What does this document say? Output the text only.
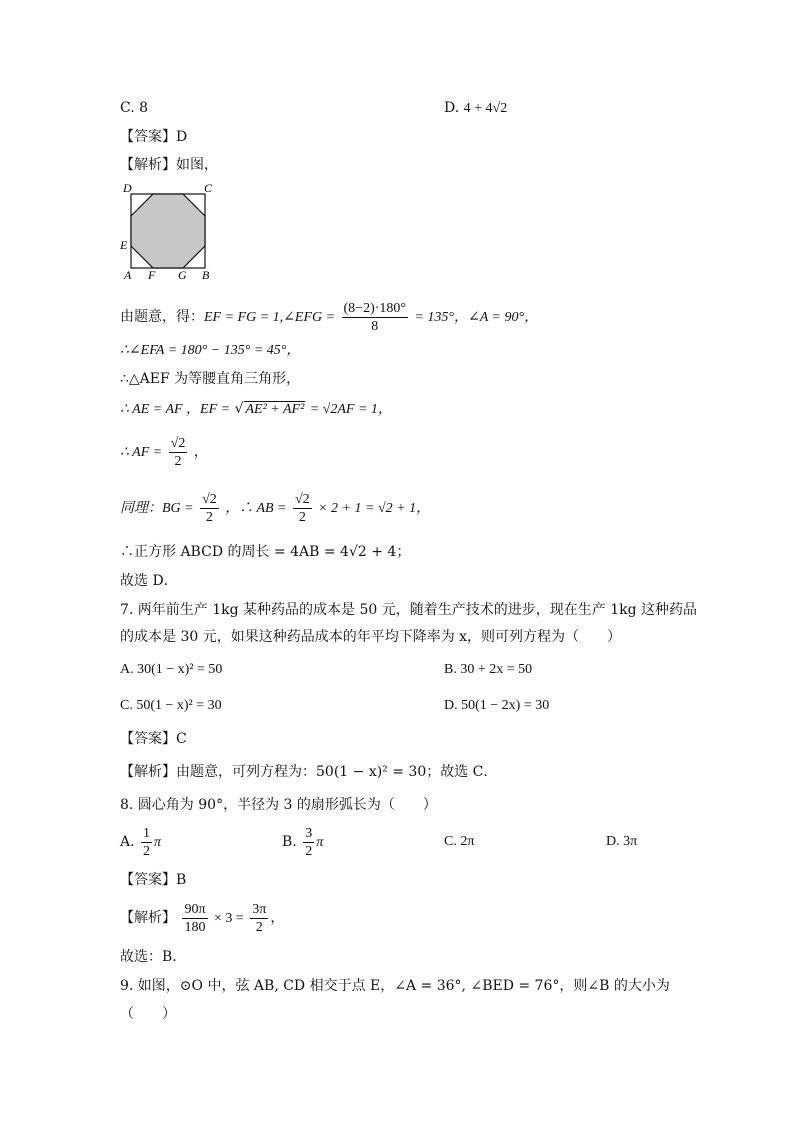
C. 8	D. 4 + 4√2
【答案】D
【解析】如图，
D	C
E
A F G B
由题意，得：EF = FG = 1,∠EFG = $\frac{(8-2)\cdot 180^\circ}{8} = 135^\circ$，∠A = 90°，
∴∠EFA = 180° − 135° = 45°，
∴△AEF 为等腰直角三角形，
∴ AE = AF ，EF = √ AE² + AF² = √2AF = 1，
∴ AF = $\frac{√2}{2}$ ，
同理：BG = $\frac{√2}{2}$ ，∴ AB = $\frac{√2}{2} \times 2 + 1 = √2 + 1$，
∴正方形 ABCD 的周长 = 4AB = 4√2 + 4；
故选 D．
7. 两年前生产 1kg 某种药品的成本是 50 元，随着生产技术的进步，现在生产 1kg 这种药品
的成本是 30 元，如果这种药品成本的年平均下降率为 x，则可列方程为（　　）
A. 30(1 − x)² = 50	B. 30 + 2x = 50
C. 50(1 − x)² = 30	D. 50(1 − 2x) = 30
【答案】C
【解析】由题意，可列方程为：50(1 − x)² = 30；故选 C．
8. 圆心角为 90°，半径为 3 的扇形弧长为（　　）
A. $\frac{1}{2}$ π	B. $\frac{3}{2}$ π	C. 2π	D. 3π
【答案】B
【解析】 $\frac{90\pi}{180} \times 3 = \frac{3\pi}{2}$ ，
故选：B．
9. 如图，⊙O 中，弦 AB, CD 相交于点 E，∠A = 36°, ∠BED = 76°，则∠B 的大小为
（　　）
